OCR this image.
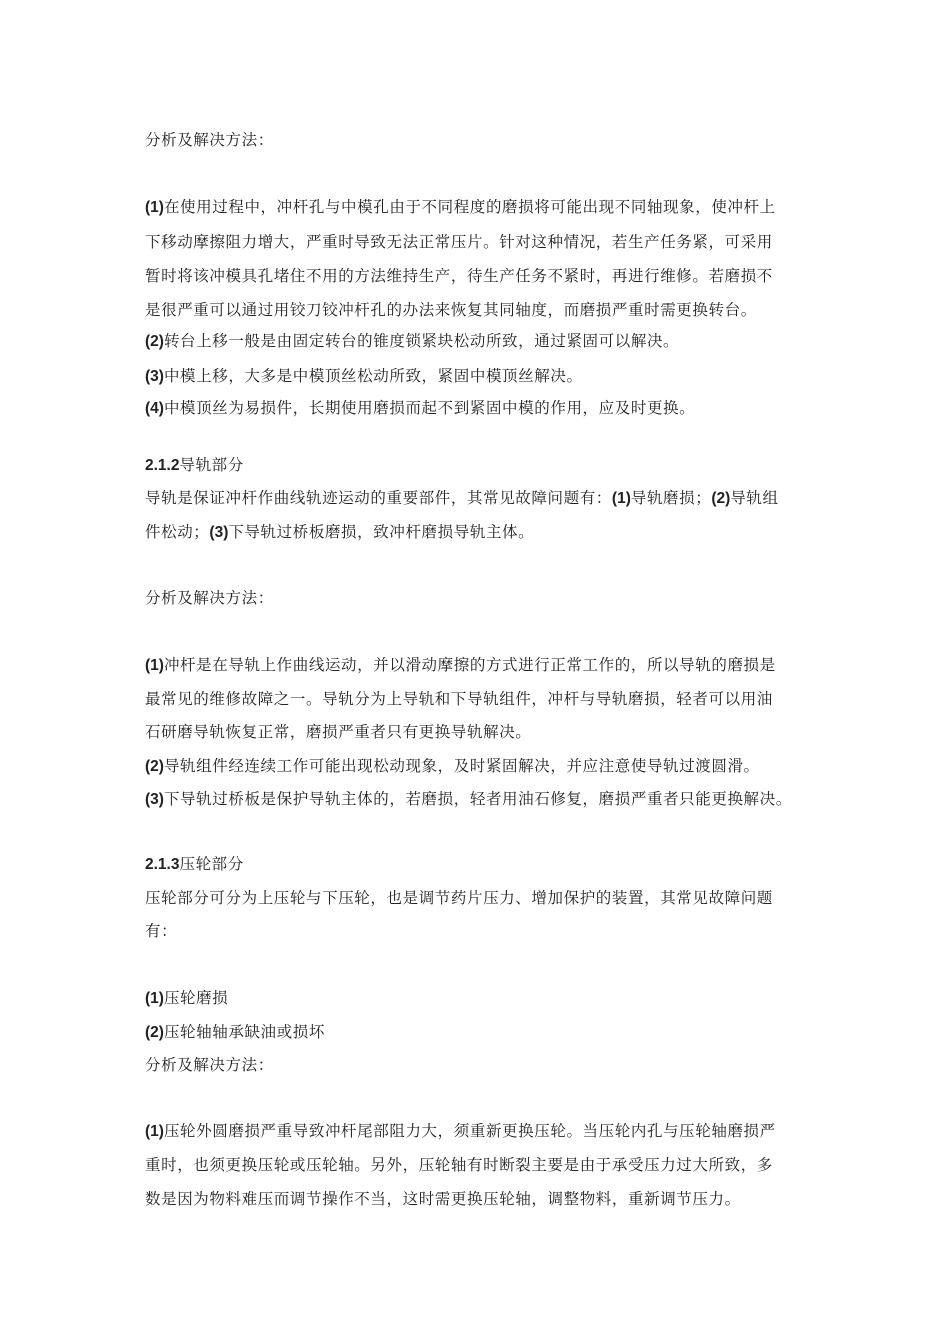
分析及解决方法：
(1)在使用过程中，冲杆孔与中模孔由于不同程度的磨损将可能出现不同轴现象，使冲杆上
下移动摩擦阻力增大，严重时导致无法正常压片。针对这种情况，若生产任务紧，可采用
暂时将该冲模具孔堵住不用的方法维持生产，待生产任务不紧时，再进行维修。若磨损不
是很严重可以通过用铰刀铰冲杆孔的办法来恢复其同轴度，而磨损严重时需更换转台。
(2)转台上移一般是由固定转台的锥度锁紧块松动所致，通过紧固可以解决。
(3)中模上移，大多是中模顶丝松动所致，紧固中模顶丝解决。
(4)中模顶丝为易损件，长期使用磨损而起不到紧固中模的作用，应及时更换。
2.1.2导轨部分
导轨是保证冲杆作曲线轨迹运动的重要部件，其常见故障问题有：(1)导轨磨损；(2)导轨组
件松动；(3)下导轨过桥板磨损，致冲杆磨损导轨主体。
分析及解决方法：
(1)冲杆是在导轨上作曲线运动，并以滑动摩擦的方式进行正常工作的，所以导轨的磨损是
最常见的维修故障之一。导轨分为上导轨和下导轨组件，冲杆与导轨磨损，轻者可以用油
石研磨导轨恢复正常，磨损严重者只有更换导轨解决。
(2)导轨组件经连续工作可能出现松动现象，及时紧固解决，并应注意使导轨过渡圆滑。
(3)下导轨过桥板是保护导轨主体的，若磨损，轻者用油石修复，磨损严重者只能更换解决。
2.1.3压轮部分
压轮部分可分为上压轮与下压轮，也是调节药片压力、增加保护的装置，其常见故障问题
有：
(1)压轮磨损
(2)压轮轴轴承缺油或损坏
分析及解决方法：
(1)压轮外圆磨损严重导致冲杆尾部阻力大，须重新更换压轮。当压轮内孔与压轮轴磨损严
重时，也须更换压轮或压轮轴。另外，压轮轴有时断裂主要是由于承受压力过大所致，多
数是因为物料难压而调节操作不当，这时需更换压轮轴，调整物料，重新调节压力。
